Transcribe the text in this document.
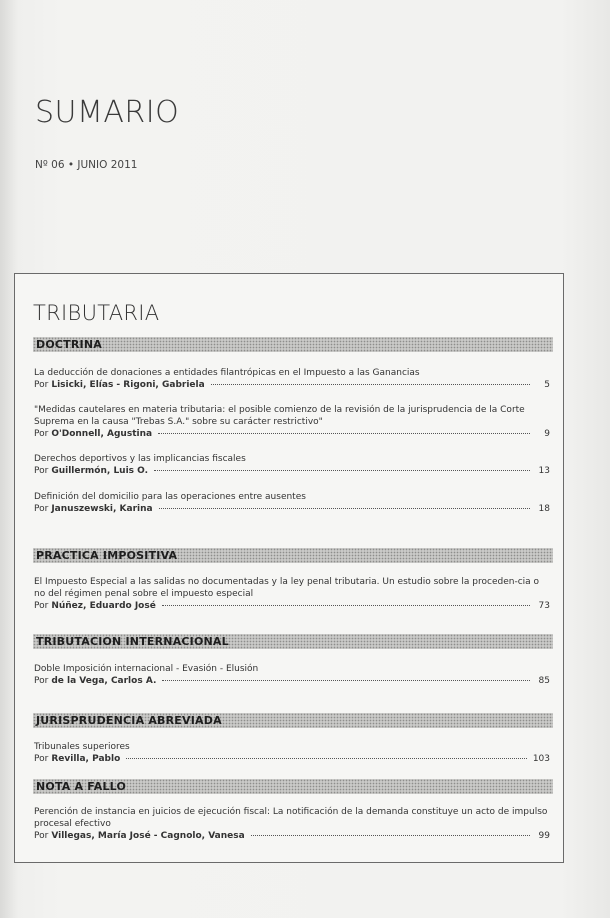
SUMARIO
Nº 06 • JUNIO 2011
TRIBUTARIA
DOCTRINA
La deducción de donaciones a entidades filantrópicas en el Impuesto a las Ganancias
Por Lisicki, Elías - Rigoni, Gabriela	5
"Medidas cautelares en materia tributaria: el posible comienzo de la revisión de la jurisprudencia de la Corte Suprema en la causa "Trebas S.A." sobre su carácter restrictivo"
Por O'Donnell, Agustina	9
Derechos deportivos y las implicancias fiscales
Por Guillermón, Luis O.	13
Definición del domicilio para las operaciones entre ausentes
Por Januszewski, Karina	18
PRACTICA IMPOSITIVA
El Impuesto Especial a las salidas no documentadas y la ley penal tributaria. Un estudio sobre la proceden-cia o no del régimen penal sobre el impuesto especial
Por Núñez, Eduardo José	73
TRIBUTACION INTERNACIONAL
Doble Imposición internacional - Evasión - Elusión
Por de la Vega, Carlos A.	85
JURISPRUDENCIA ABREVIADA
Tribunales superiores
Por Revilla, Pablo	103
NOTA A FALLO
Perención de instancia en juicios de ejecución fiscal: La notificación de la demanda constituye un acto de impulso procesal efectivo
Por Villegas, María José - Cagnolo, Vanesa	99
